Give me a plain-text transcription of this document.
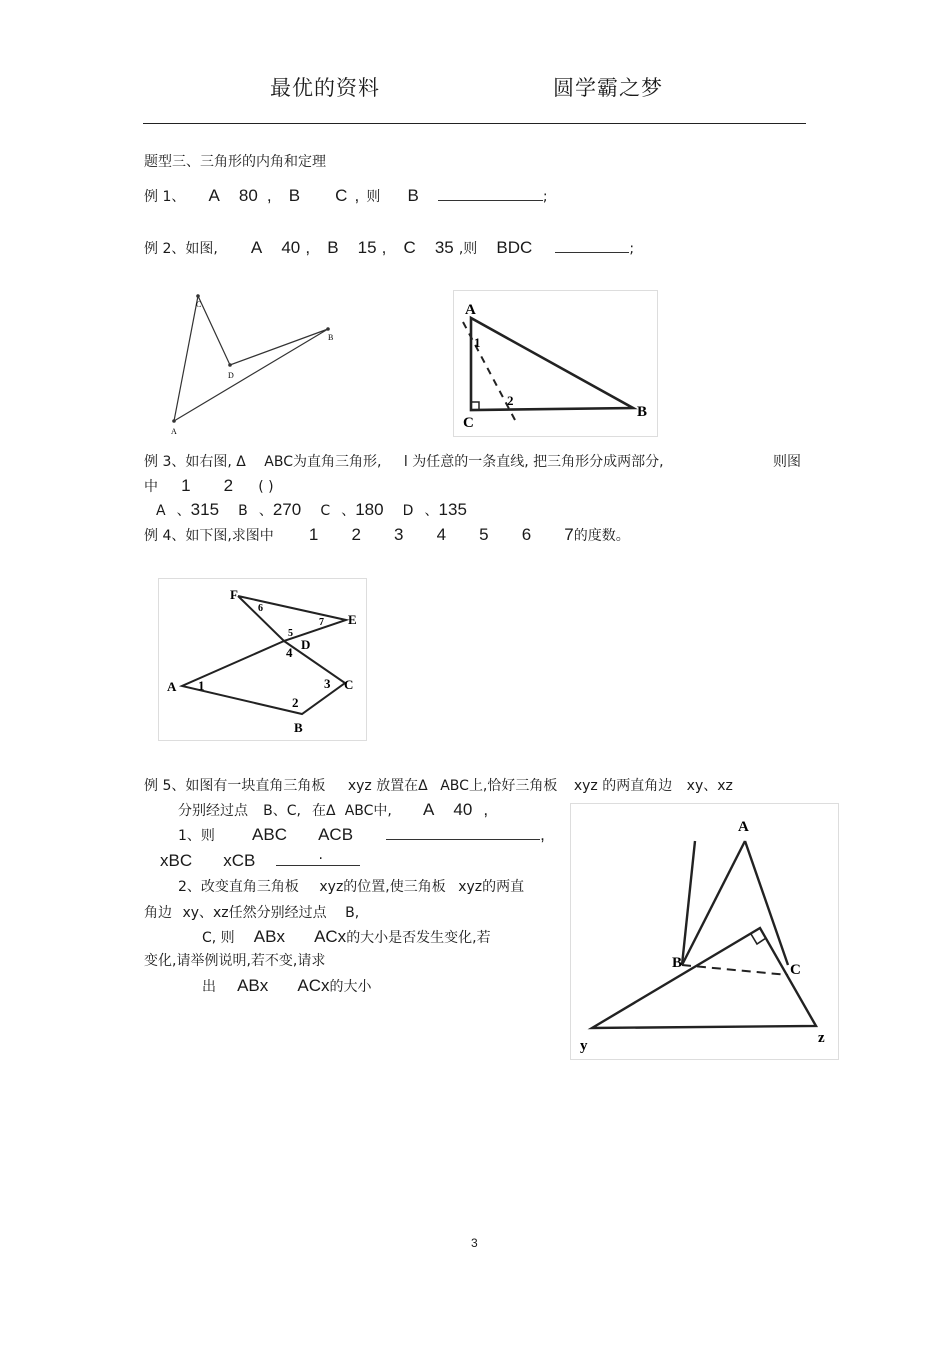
最优的资料	圆学霸之梦
题型三、三角形的内角和定理
例 1、 A 80 , B C , 则 B	;
例 2、如图, A 40 , B 15 , C 35 ,则 BDC	;
C
B
D
A
A
1
2
C
B
例 3、如右图, Δ ABC为直角三角形, l 为任意的一条直线, 把三角形分成两部分,	则图
中 1 2 ( )
A 、315 B 、270 C 、180 D 、135
例 4、如下图,求图中 1 2 3 4 5 6 7的度数。
F
E
D
A	C
B
1
2
3
4
5
6
7
例 5、如图有一块直角三角板 xyz 放置在Δ ABC上,恰好三角板 xyz 的两直角边 xy、xz
分别经过点 B、C, 在Δ ABC中, A 40 ,
1、则 ABC ACB	,
xBC xCB	.
2、改变直角三角板 xyz的位置,使三角板 xyz的两直
角边 xy、xz任然分别经过点 B,
C, 则 ABx ACx的大小是否发生变化,若
变化,请举例说明,若不变,请求
出 ABx ACx的大小
A
B	C
y	z
3
